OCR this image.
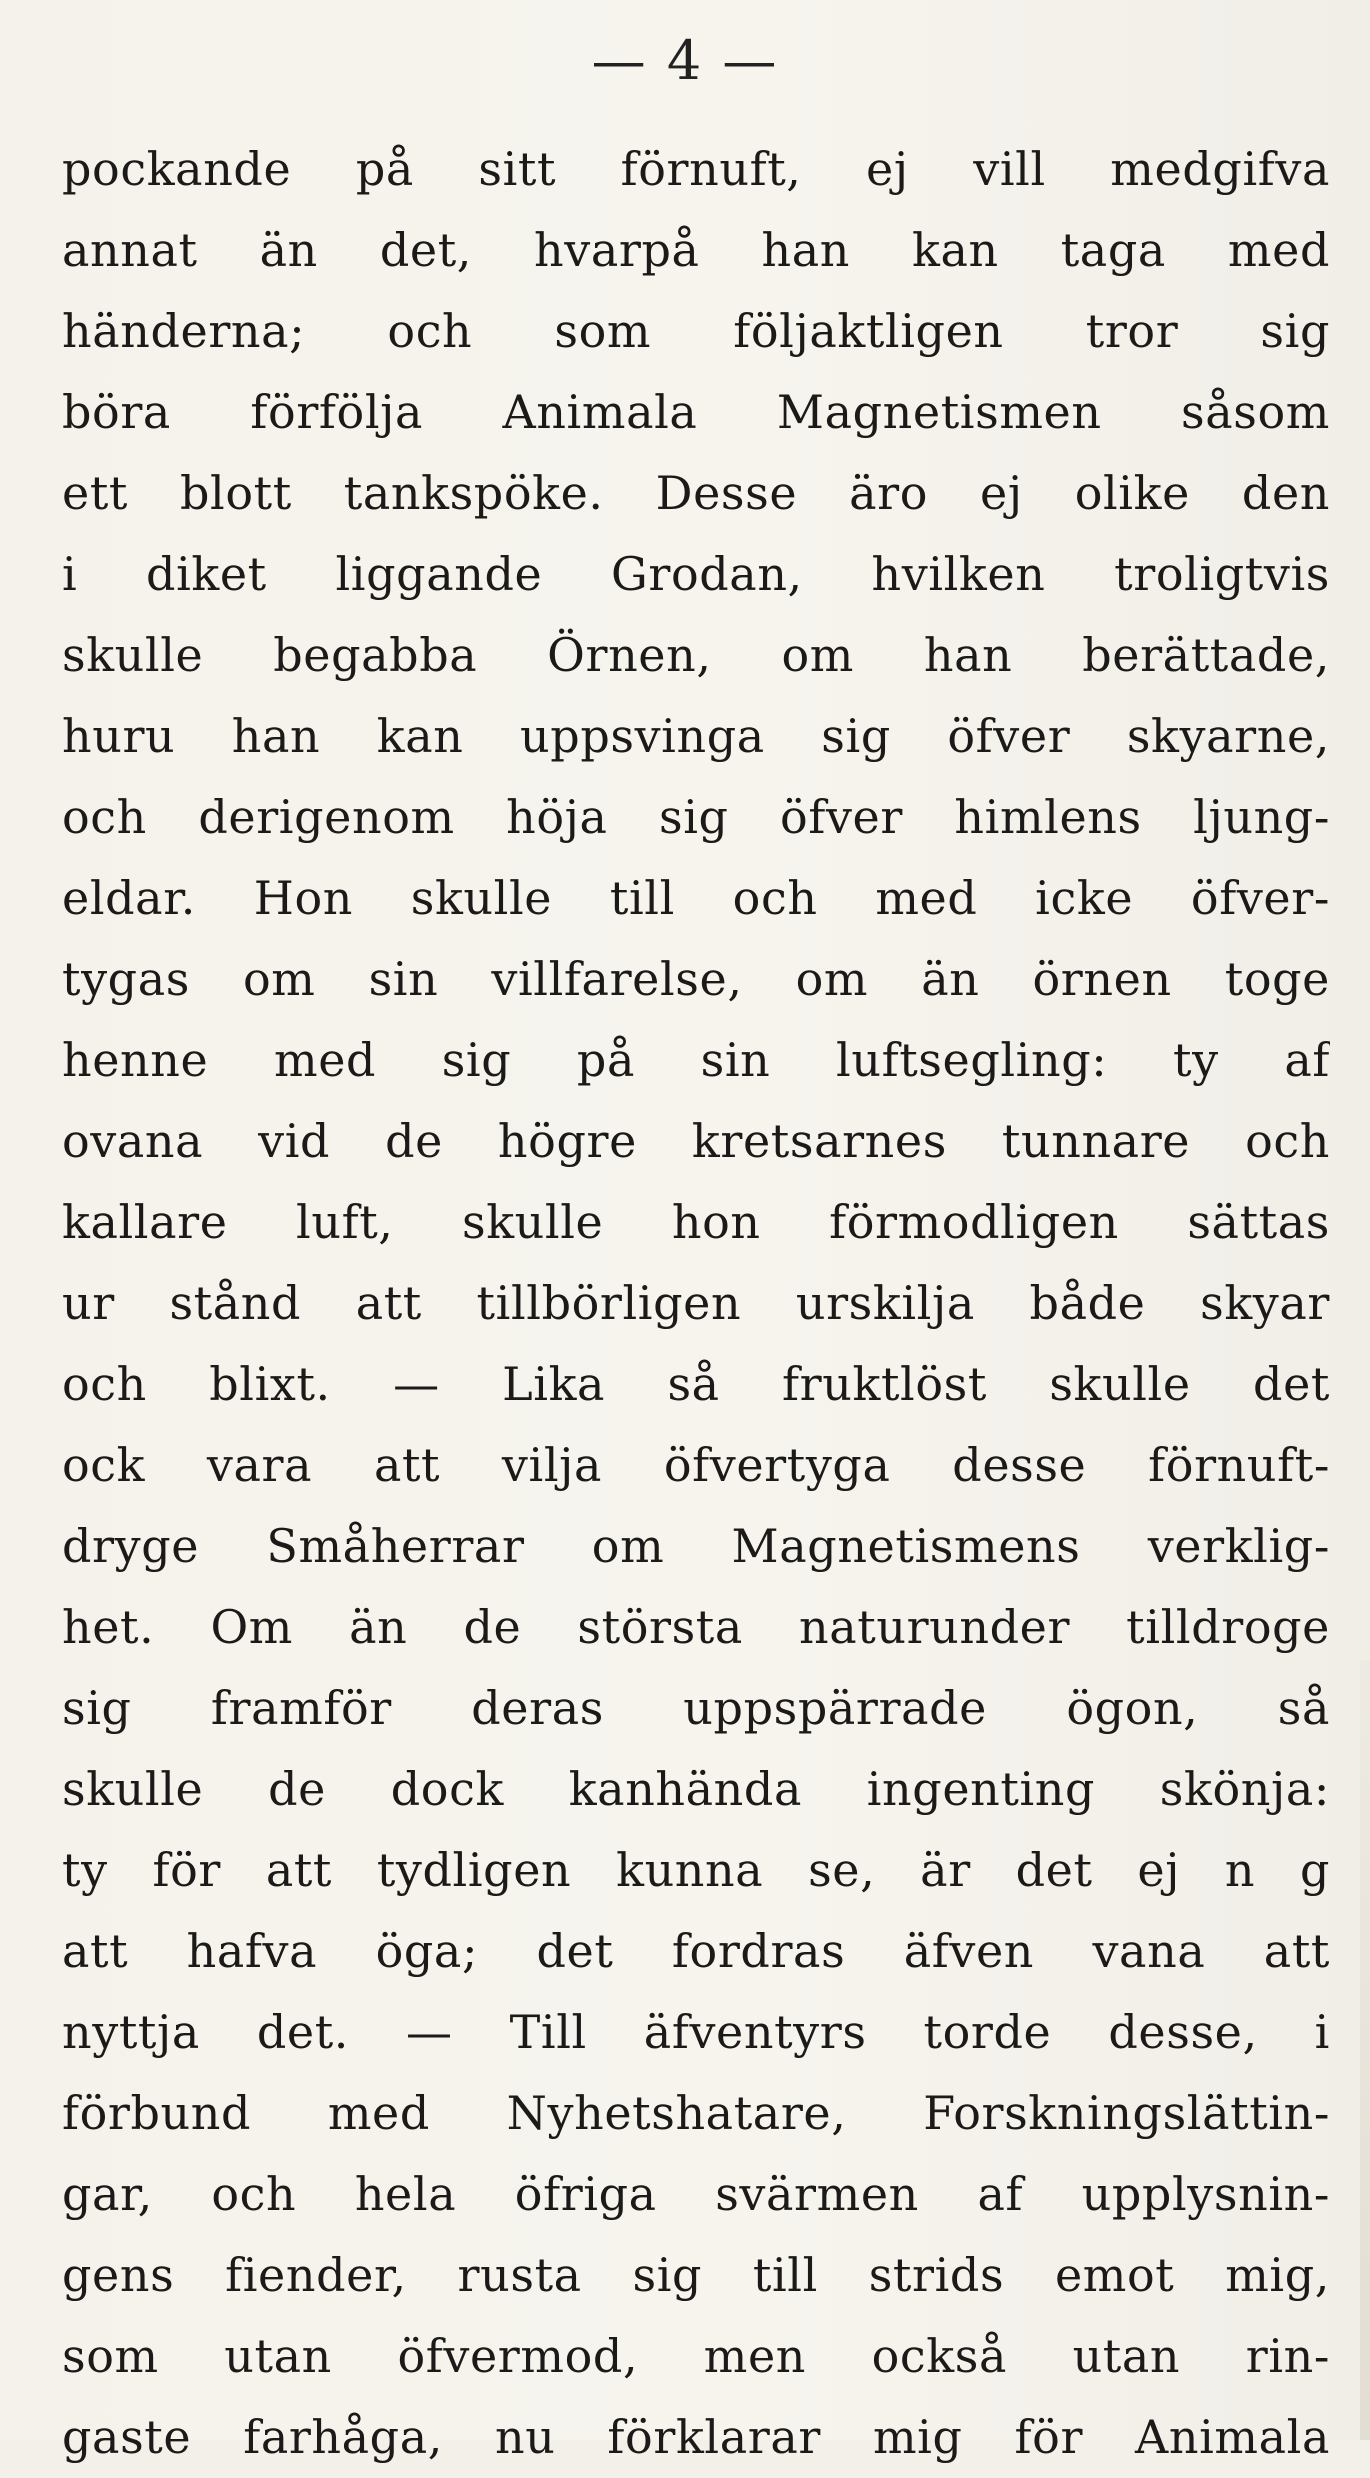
— 4 —
pockande på sitt förnuft, ej vill medgifva
annat än det, hvarpå han kan taga med
händerna; och som följaktligen tror sig
böra förfölja Animala Magnetismen såsom
ett blott tankspöke. Desse äro ej olike den
i diket liggande Grodan, hvilken troligtvis
skulle begabba Örnen, om han berättade,
huru han kan uppsvinga sig öfver skyarne,
och derigenom höja sig öfver himlens ljung-
eldar. Hon skulle till och med icke öfver-
tygas om sin villfarelse, om än örnen toge
henne med sig på sin luftsegling: ty af
ovana vid de högre kretsarnes tunnare och
kallare luft, skulle hon förmodligen sättas
ur stånd att tillbörligen urskilja både skyar
och blixt. — Lika så fruktlöst skulle det
ock vara att vilja öfvertyga desse förnuft-
dryge Småherrar om Magnetismens verklig-
het. Om än de största naturunder tilldroge
sig framför deras uppspärrade ögon, så
skulle de dock kanhända ingenting skönja:
ty för att tydligen kunna se, är det ej n g
att hafva öga; det fordras äfven vana att
nyttja det. — Till äfventyrs torde desse, i
förbund med Nyhetshatare, Forskningslättin-
gar, och hela öfriga svärmen af upplysnin-
gens fiender, rusta sig till strids emot mig,
som utan öfvermod, men också utan rin-
gaste farhåga, nu förklarar mig för Animala
